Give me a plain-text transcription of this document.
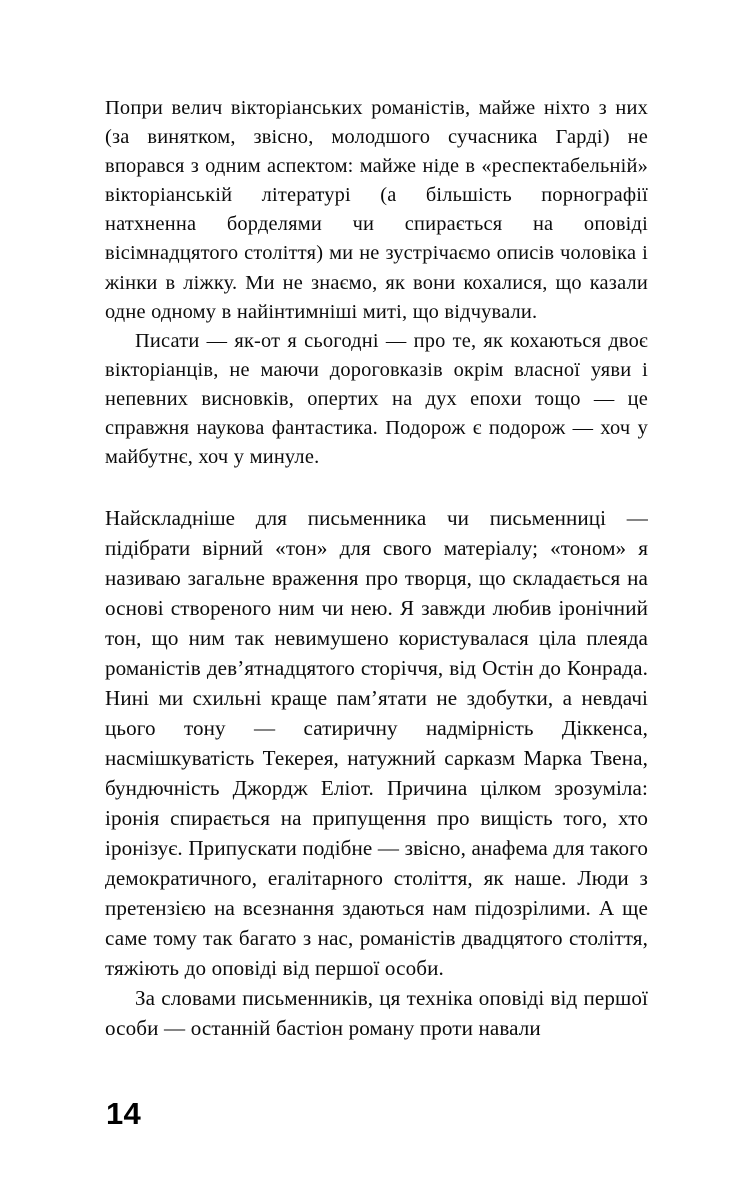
Попри велич вікторіанських романістів, майже ніхто з них (за винятком, звісно, молодшого сучасника Гарді) не впорався з одним аспектом: майже ніде в «респектабельній» вікторіанській літературі (а більшість порнографії натхненна борделями чи спирається на оповіді вісімнадцятого століття) ми не зустрічаємо описів чоловіка і жінки в ліжку. Ми не знаємо, як вони кохалися, що казали одне одному в найінтимніші миті, що відчували.

Писати — як-от я сьогодні — про те, як кохаються двоє вікторіанців, не маючи дороговказів окрім власної уяви і непевних висновків, опертих на дух епохи тощо — це справжня наукова фантастика. Подорож є подорож — хоч у майбутнє, хоч у минуле.

Найскладніше для письменника чи письменниці — підібрати вірний «тон» для свого матеріалу; «тоном» я називаю загальне враження про творця, що складається на основі створеного ним чи нею. Я завжди любив іронічний тон, що ним так невимушено користувалася ціла плеяда романістів дев’ятнадцятого сторіччя, від Остін до Конрада. Нині ми схильні краще пам’ятати не здобутки, а невдачі цього тону — сатиричну надмірність Діккенса, насмішкуватість Текерея, натужний сарказм Марка Твена, бундючність Джордж Еліот. Причина цілком зрозуміла: іронія спирається на припущення про вищість того, хто іронізує. Припускати подібне — звісно, анафема для такого демократичного, егалітарного століття, як наше. Люди з претензією на всезнання здаються нам підозрілими. А ще саме тому так багато з нас, романістів двадцятого століття, тяжіють до оповіді від першої особи.

За словами письменників, ця техніка оповіді від першої особи — останній бастіон роману проти навали

14
